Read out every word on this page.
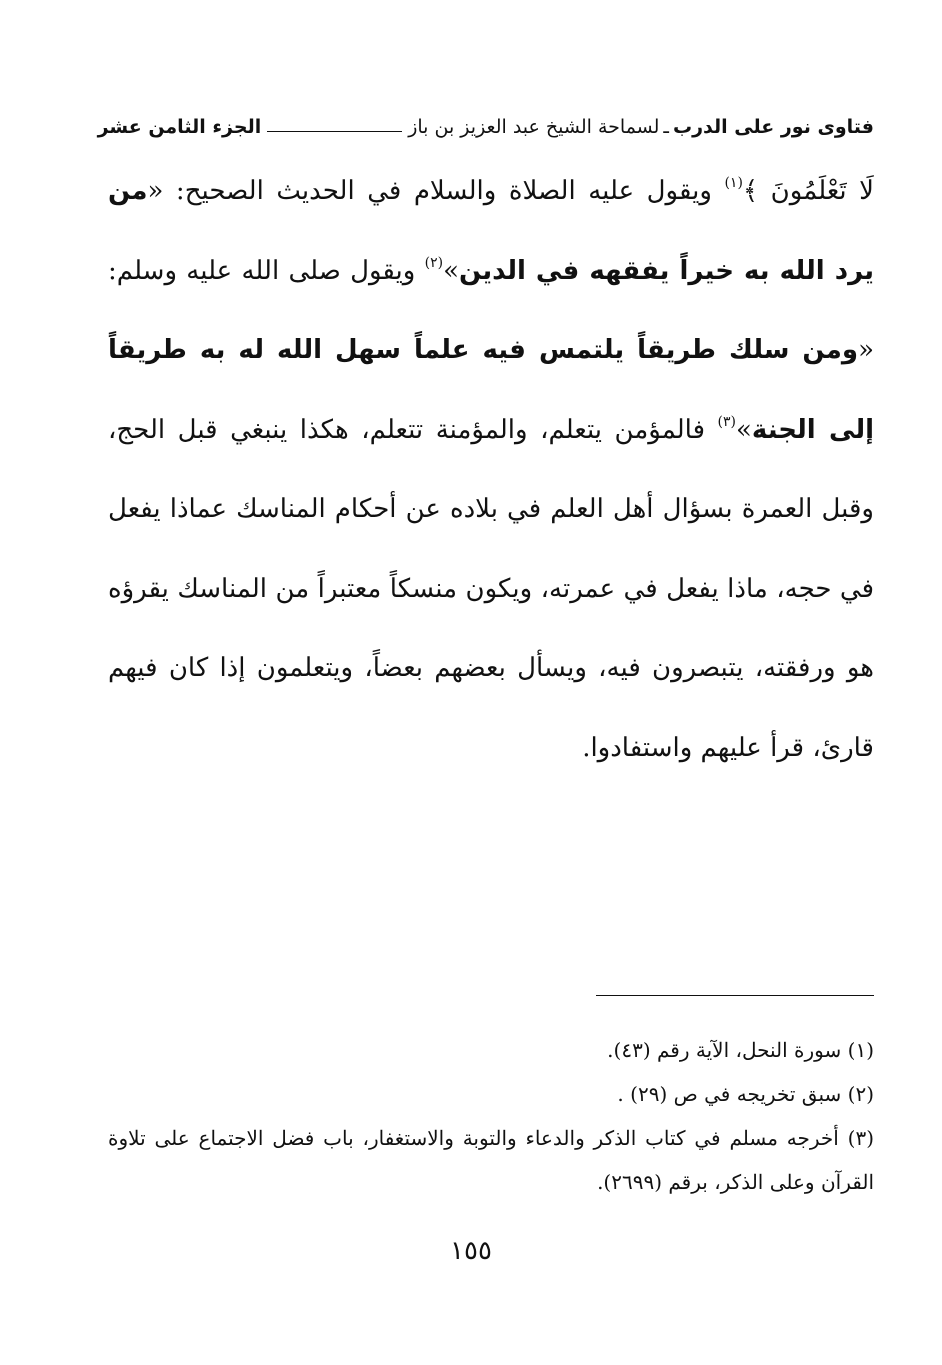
فتاوى نور على الدرب
ـ
لسماحة الشيخ عبد العزيز بن باز
الجزء الثامن عشر
لَا تَعْلَمُونَ ﴾$^{(١)}$ ويقول عليه الصلاة والسلام في الحديث الصحيح: «من يرد الله به خيراً يفقهه في الدين»$^{(٢)}$ ويقول صلى الله عليه وسلم: «ومن سلك طريقاً يلتمس فيه علماً سهل الله له به طريقاً إلى الجنة»$^{(٣)}$ فالمؤمن يتعلم، والمؤمنة تتعلم، هكذا ينبغي قبل الحج، وقبل العمرة بسؤال أهل العلم في بلاده عن أحكام المناسك عماذا يفعل في حجه، ماذا يفعل في عمرته، ويكون منسكاً معتبراً من المناسك يقرؤه هو ورفقته، يتبصرون فيه، ويسأل بعضهم بعضاً، ويتعلمون إذا كان فيهم قارئ، قرأ عليهم واستفادوا.
(١) سورة النحل، الآية رقم (٤٣).
(٢) سبق تخريجه في ص (٢٩) .
(٣) أخرجه مسلم في كتاب الذكر والدعاء والتوبة والاستغفار، باب فضل الاجتماع على تلاوة القرآن وعلى الذكر، برقم (٢٦٩٩).
١٥٥
